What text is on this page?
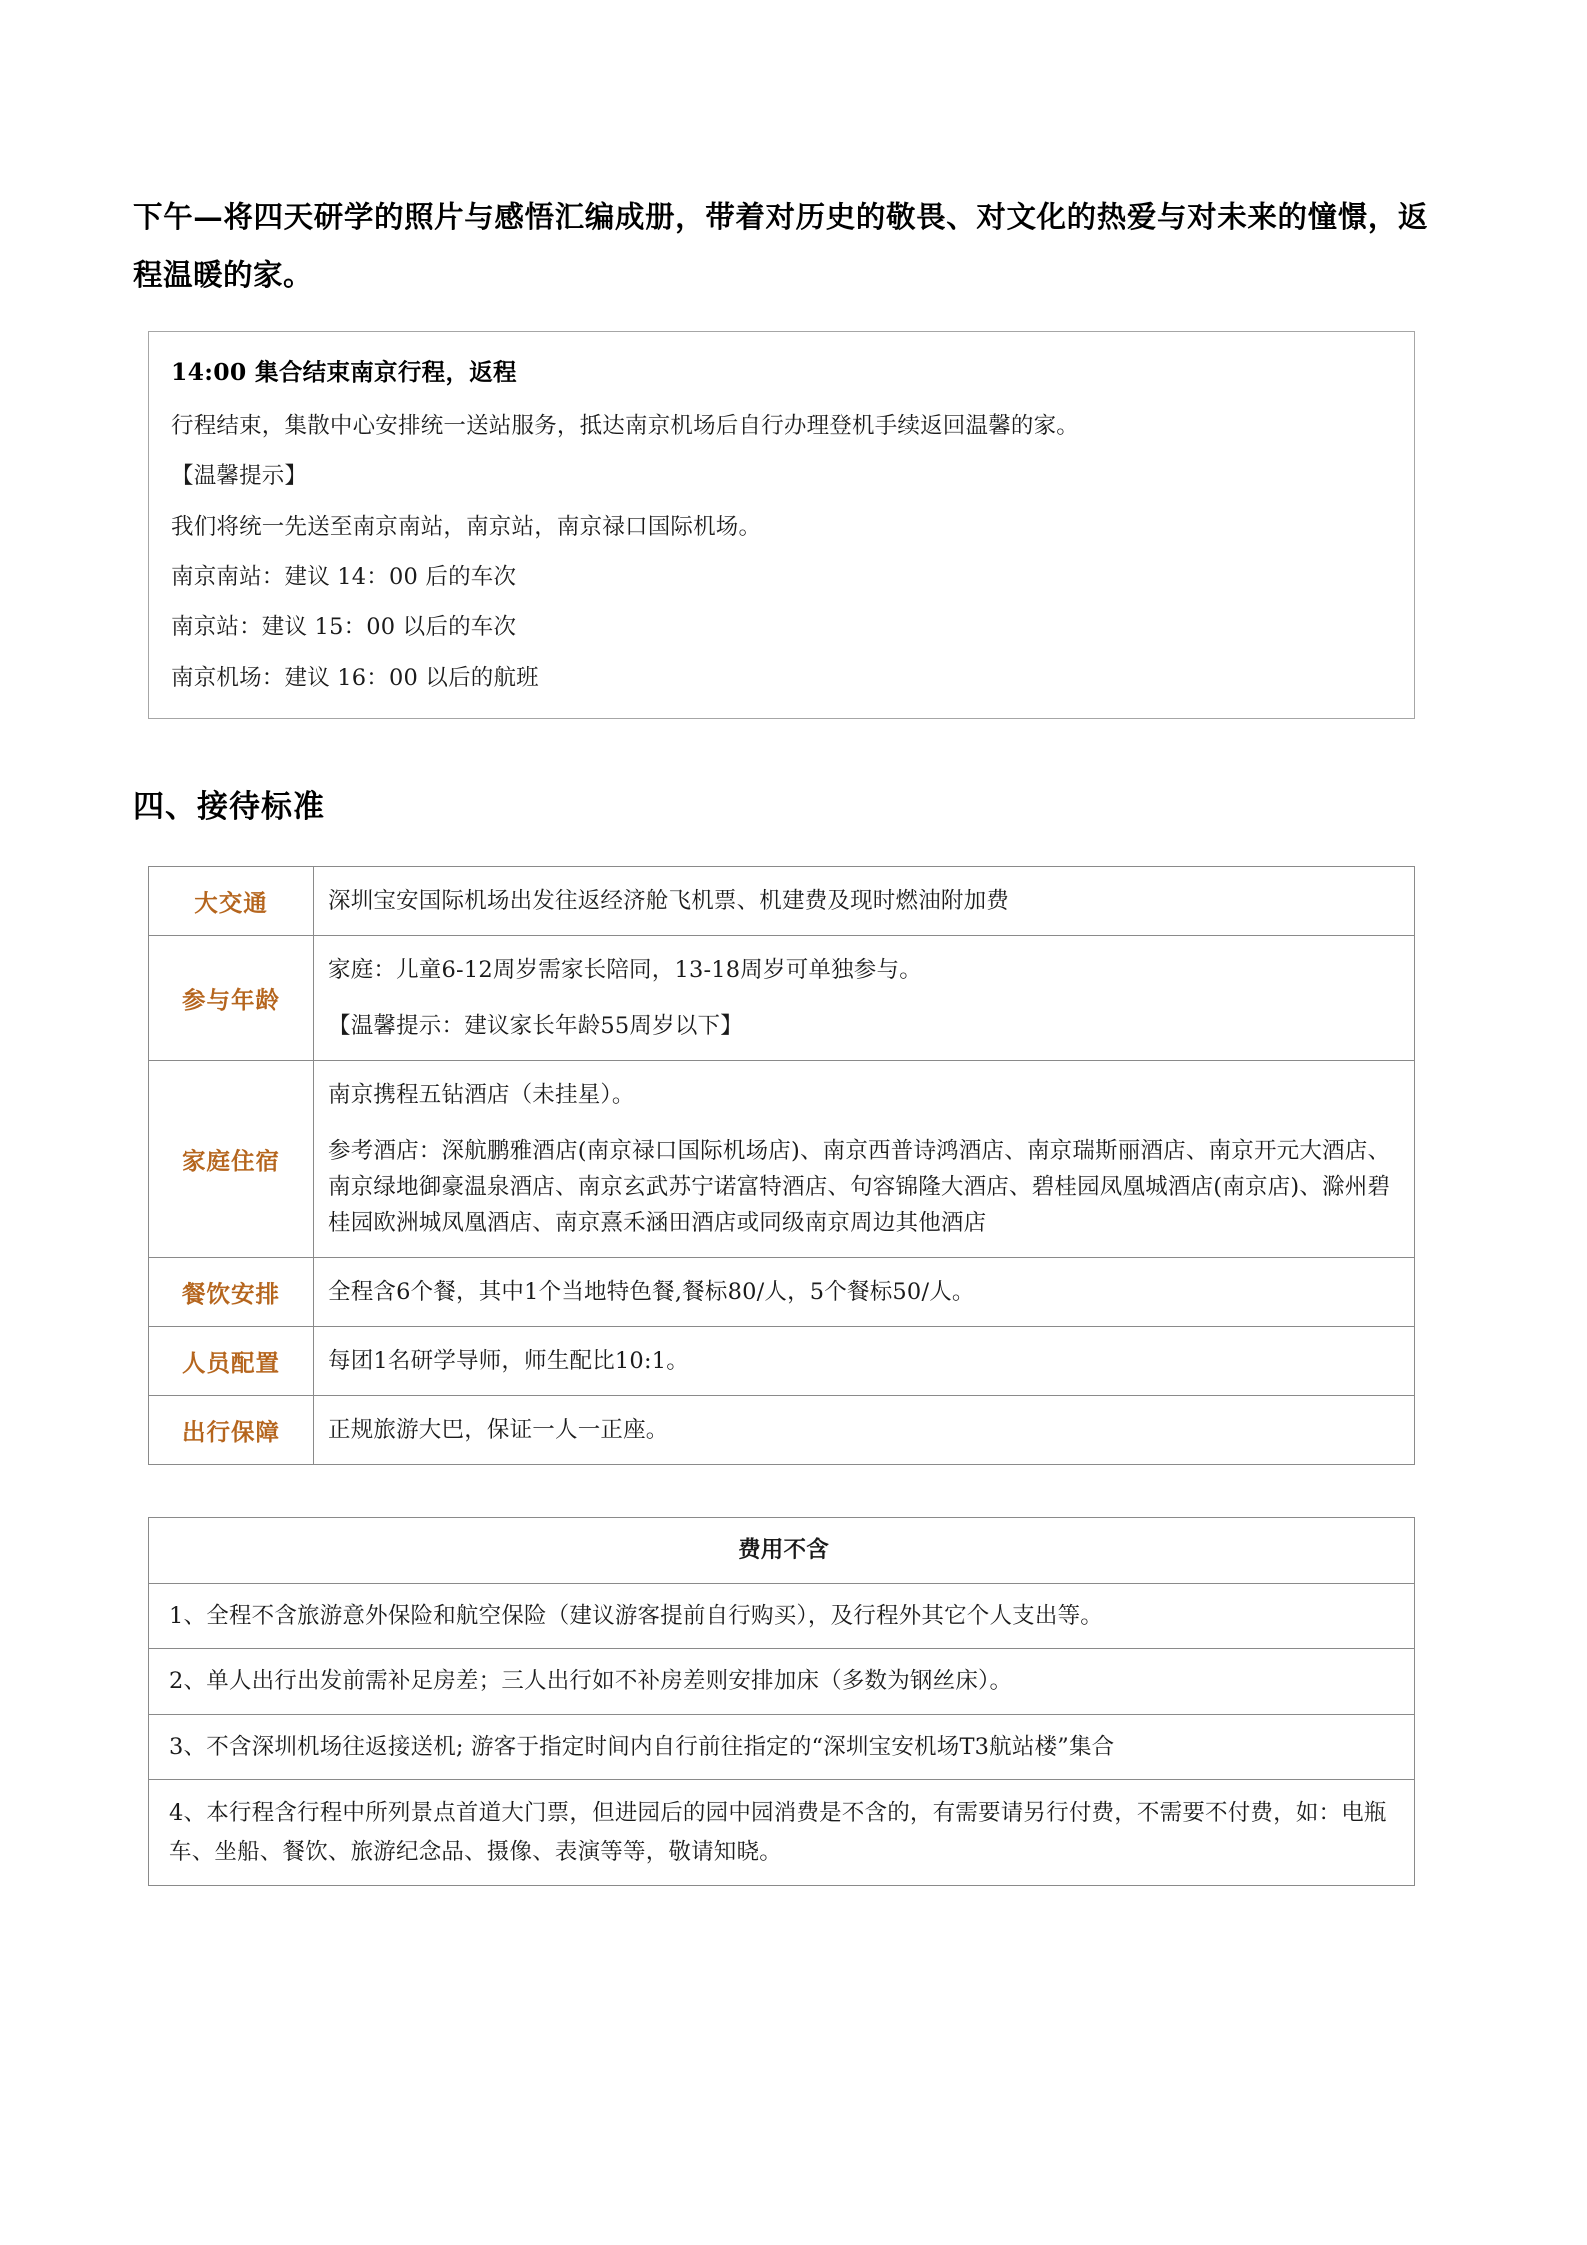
下午—将四天研学的照片与感悟汇编成册，带着对历史的敬畏、对文化的热爱与对未来的憧憬，返程温暖的家。
14:00 集合结束南京行程，返程
行程结束，集散中心安排统一送站服务，抵达南京机场后自行办理登机手续返回温馨的家。
【温馨提示】
我们将统一先送至南京南站，南京站，南京禄口国际机场。
南京南站：建议 14：00 后的车次
南京站：建议 15：00 以后的车次
南京机场：建议 16：00 以后的航班
四、接待标准
大交通	深圳宝安国际机场出发往返经济舱飞机票、机建费及现时燃油附加费

参与年龄	家庭：儿童6-12周岁需家长陪同，13-18周岁可单独参与。

【温馨提示：建议家长年龄55周岁以下】

家庭住宿	南京携程五钻酒店（未挂星）。

参考酒店：深航鹏雅酒店(南京禄口国际机场店)、南京西普诗鸿酒店、南京瑞斯丽酒店、南京开元大酒店、南京绿地御豪温泉酒店、南京玄武苏宁诺富特酒店、句容锦隆大酒店、碧桂园凤凰城酒店(南京店)、滁州碧桂园欧洲城凤凰酒店、南京熹禾涵田酒店或同级南京周边其他酒店

餐饮安排	全程含6个餐，其中1个当地特色餐,餐标80/人，5个餐标50/人。

人员配置	每团1名研学导师，师生配比10:1。

出行保障	正规旅游大巴，保证一人一正座。

费用不含
1、全程不含旅游意外保险和航空保险（建议游客提前自行购买），及行程外其它个人支出等。
2、单人出行出发前需补足房差；三人出行如不补房差则安排加床（多数为钢丝床）。
3、不含深圳机场往返接送机; 游客于指定时间内自行前往指定的“深圳宝安机场T3航站楼”集合
4、本行程含行程中所列景点首道大门票，但进园后的园中园消费是不含的，有需要请另行付费，不需要不付费，如：电瓶车、坐船、餐饮、旅游纪念品、摄像、表演等等，敬请知晓。
